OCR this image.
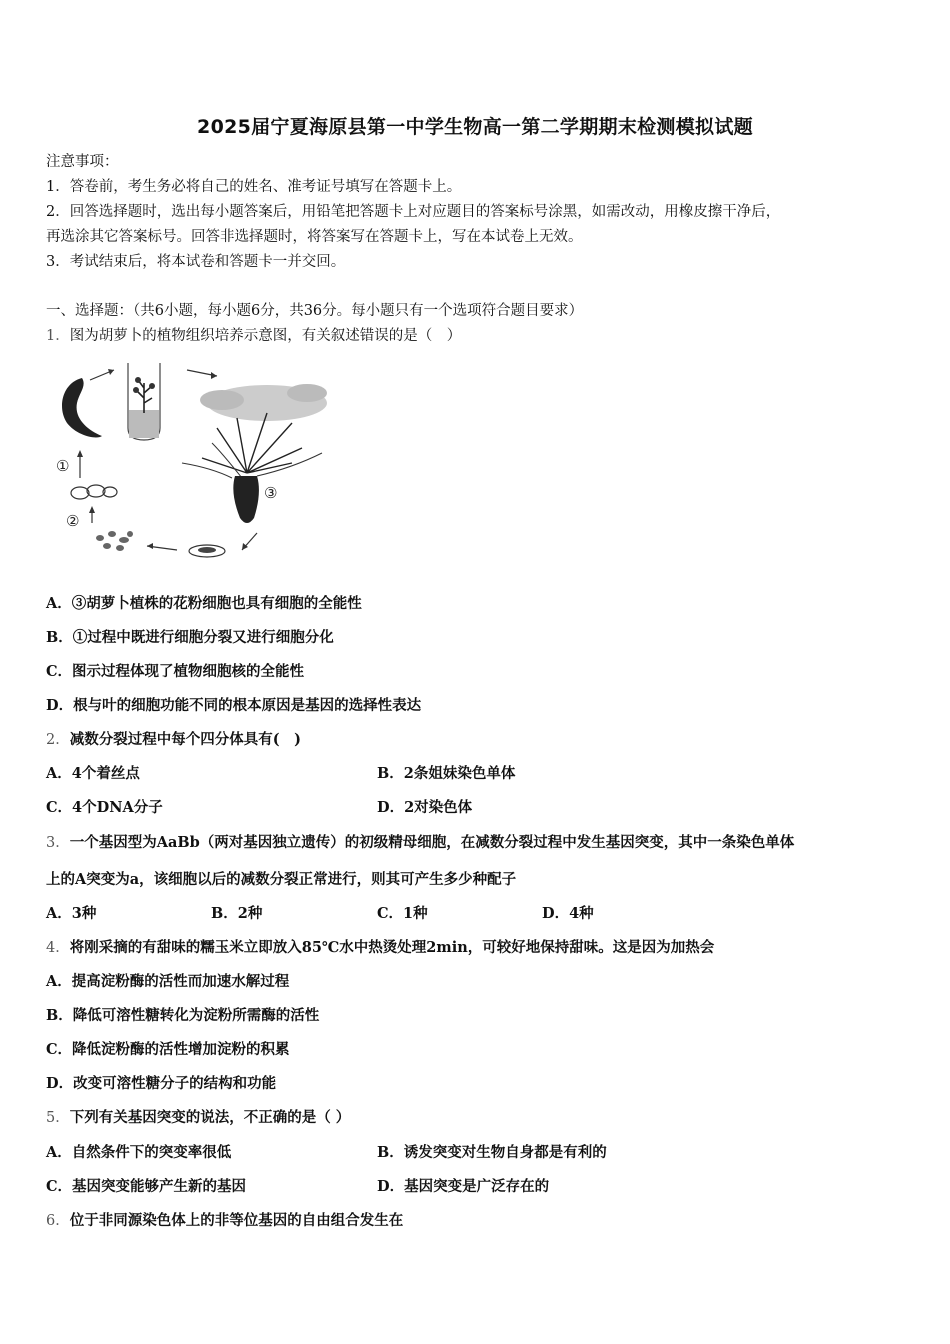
2025届宁夏海原县第一中学生物高一第二学期期末检测模拟试题
注意事项：
1．答卷前，考生务必将自己的姓名、准考证号填写在答题卡上。
2．回答选择题时，选出每小题答案后，用铅笔把答题卡上对应题目的答案标号涂黑，如需改动，用橡皮擦干净后，
再选涂其它答案标号。回答非选择题时，将答案写在答题卡上，写在本试卷上无效。
3．考试结束后，将本试卷和答题卡一并交回。
一、选择题：（共6小题，每小题6分，共36分。每小题只有一个选项符合题目要求）
1．图为胡萝卜的植物组织培养示意图，有关叙述错误的是（　）
③
②
①
A．③胡萝卜植株的花粉细胞也具有细胞的全能性
B．①过程中既进行细胞分裂又进行细胞分化
C．图示过程体现了植物细胞核的全能性
D．根与叶的细胞功能不同的根本原因是基因的选择性表达
2．减数分裂过程中每个四分体具有(　)
A．4个着丝点	B．2条姐妹染色单体
C．4个DNA分子	D．2对染色体
3．一个基因型为AaBb（两对基因独立遗传）的初级精母细胞，在减数分裂过程中发生基因突变，其中一条染色单体
上的A突变为a，该细胞以后的减数分裂正常进行，则其可产生多少种配子
A．3种	B．2种	C．1种	D．4种
4．将刚采摘的有甜味的糯玉米立即放入85℃水中热烫处理2min，可较好地保持甜味。这是因为加热会
A．提高淀粉酶的活性而加速水解过程
B．降低可溶性糖转化为淀粉所需酶的活性
C．降低淀粉酶的活性增加淀粉的积累
D．改变可溶性糖分子的结构和功能
5．下列有关基因突变的说法，不正确的是（ ）
A．自然条件下的突变率很低	B．诱发突变对生物自身都是有利的
C．基因突变能够产生新的基因	D．基因突变是广泛存在的
6．位于非同源染色体上的非等位基因的自由组合发生在
